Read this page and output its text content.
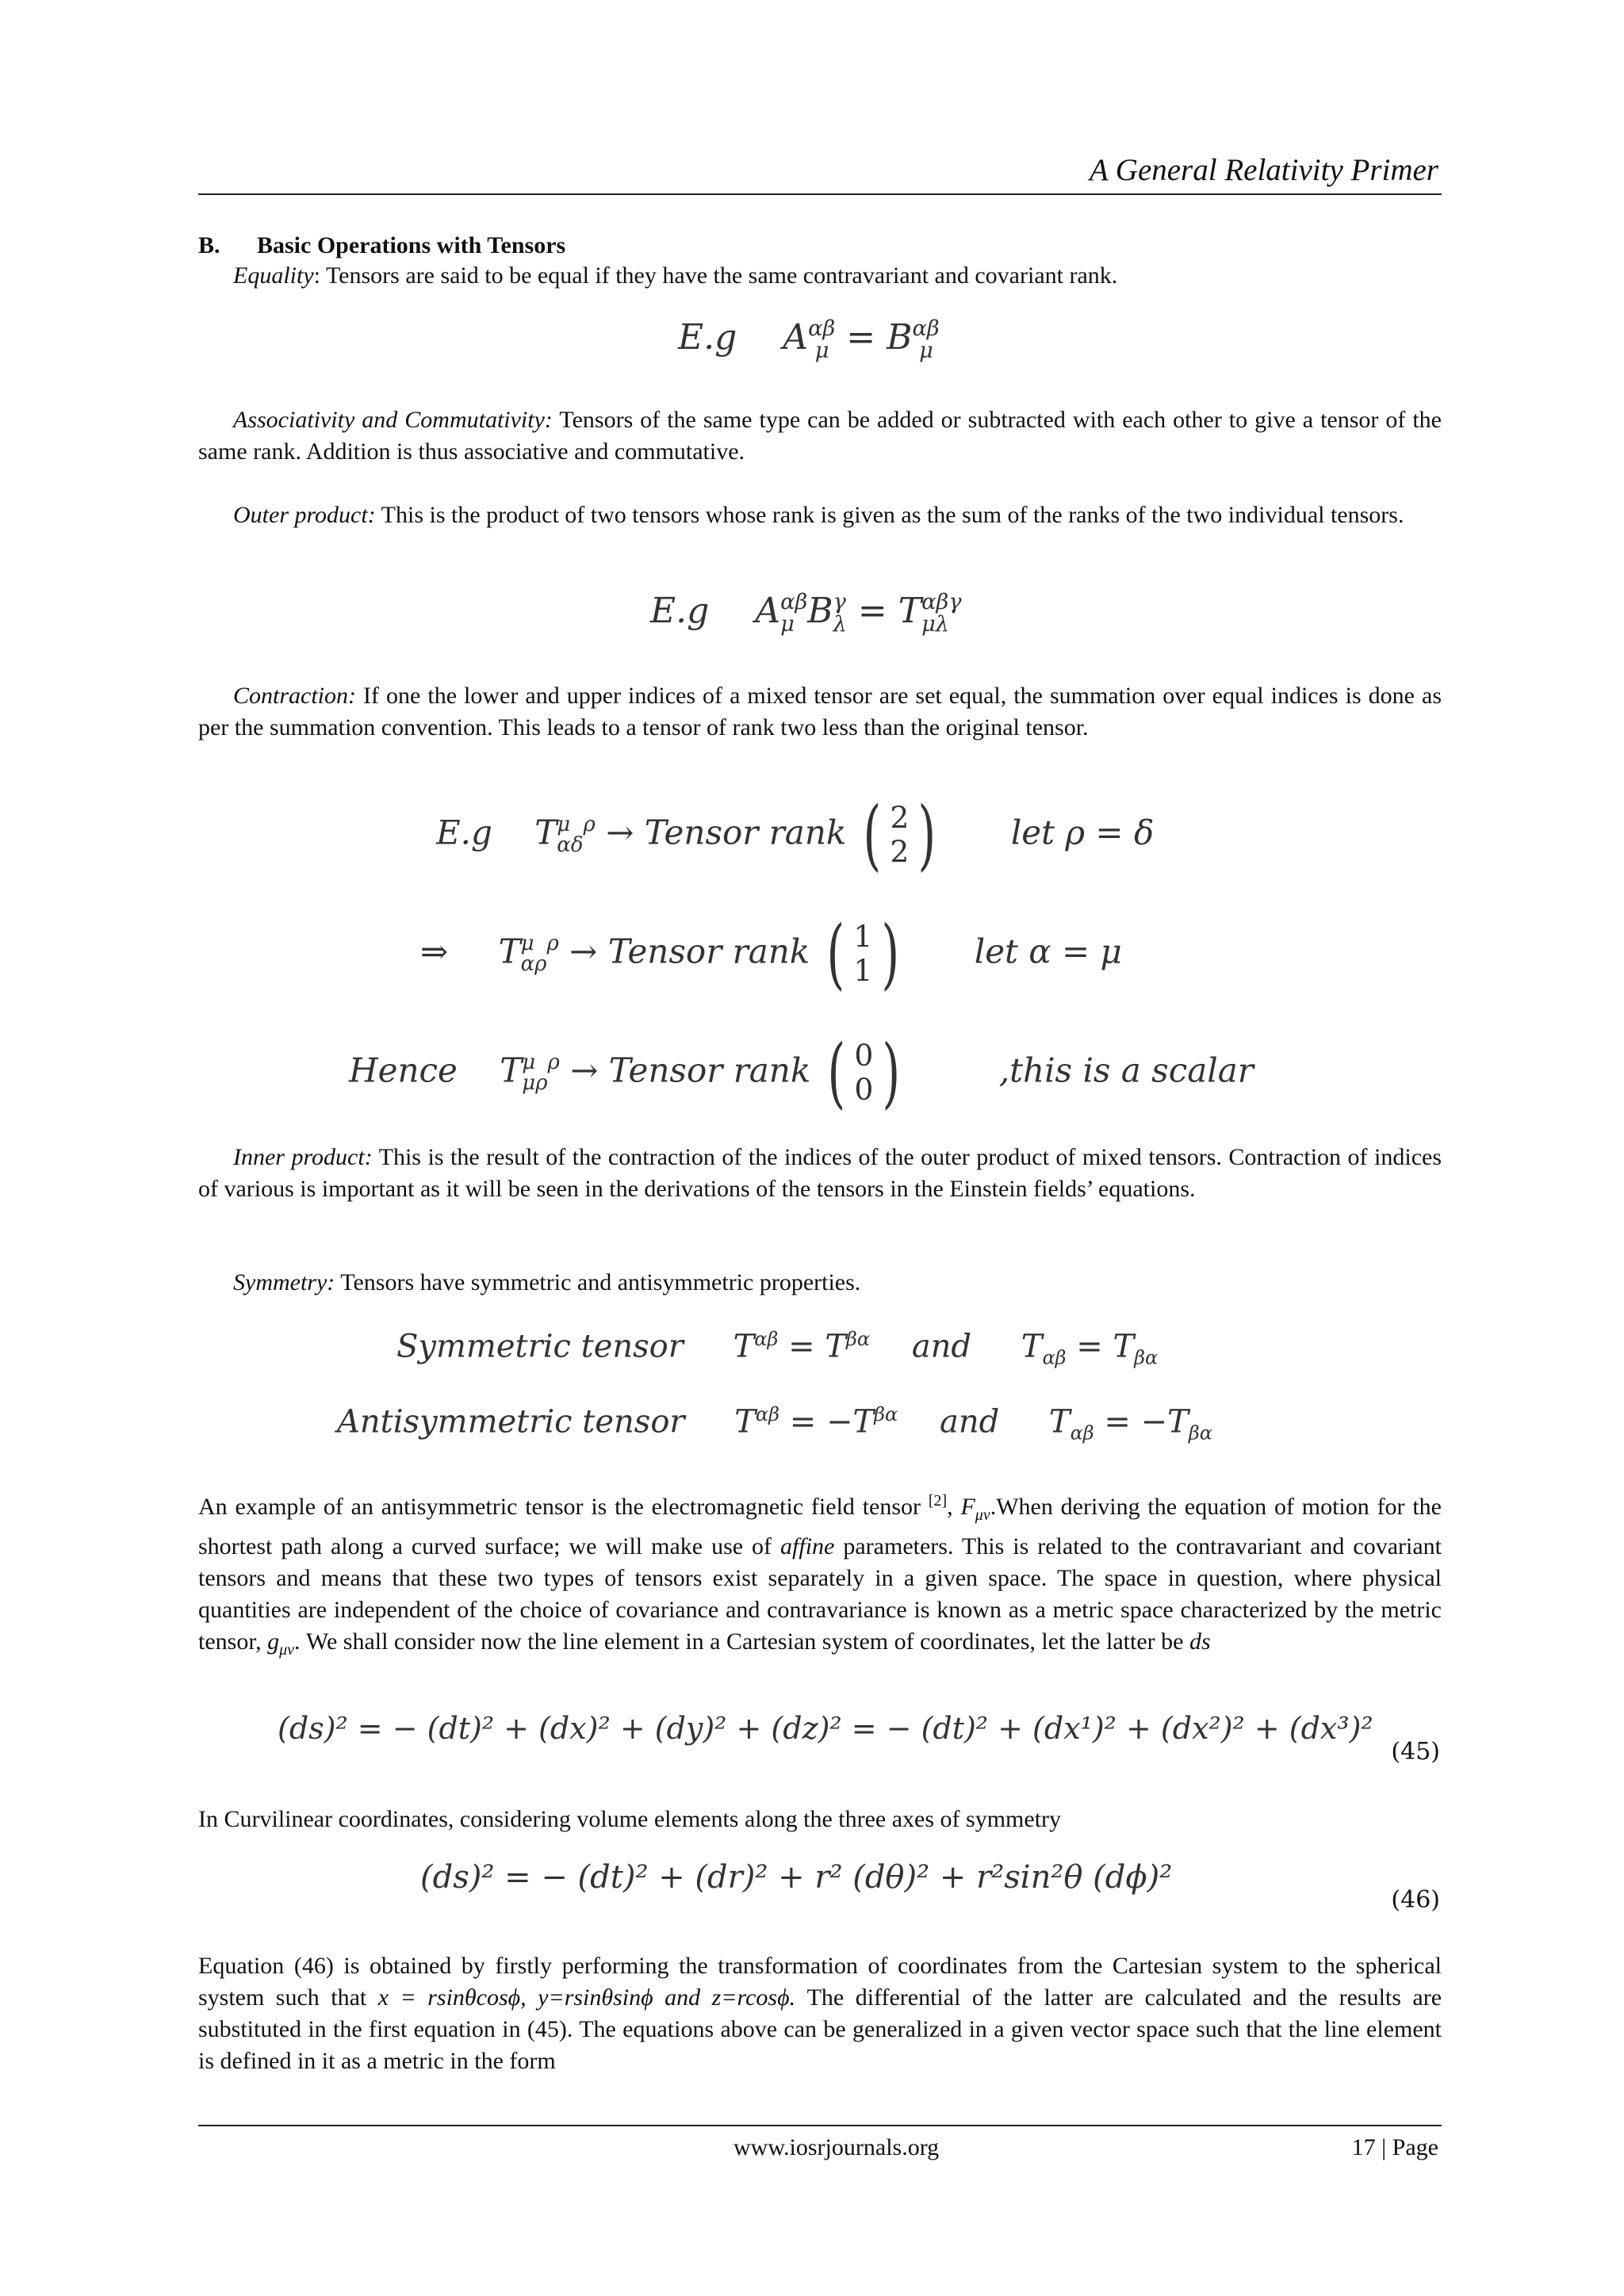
A General Relativity Primer
B. Basic Operations with Tensors
Equality: Tensors are said to be equal if they have the same contravariant and covariant rank.
E.g A αβ
μ = B αβ
μ
Associativity and Commutativity: Tensors of the same type can be added or subtracted with each other to give a tensor of the same rank. Addition is thus associative and commutative.
Outer product: This is the product of two tensors whose rank is given as the sum of the ranks of the two individual tensors.
E.g A αβ
μ B γ
λ = T αβγ
μλ
Contraction: If one the lower and upper indices of a mixed tensor are set equal, the summation over equal indices is done as per the summation convention. This leads to a tensor of rank two less than the original tensor.
E.g T μ
αδ
ρ
→ Tensor rank ( 2
2 ) let ρ = δ
⇒ T μ
αρ
ρ
→ Tensor rank ( 1
1 ) let α = μ
Hence T μ
μρ
ρ
→ Tensor rank ( 0
0 )	,this is a scalar
Inner product: This is the result of the contraction of the indices of the outer product of mixed tensors. Contraction of indices of various is important as it will be seen in the derivations of the tensors in the Einstein fields’ equations.
Symmetry: Tensors have symmetric and antisymmetric properties.
Symmetric tensor $T^{\alpha\beta} = T^{\beta\alpha}$ and $T_{\alpha\beta} = T_{\beta\alpha}$
Antisymmetric tensor $T^{\alpha\beta} = -T^{\beta\alpha}$ and $T_{\alpha\beta} = -T_{\beta\alpha}$
An example of an antisymmetric tensor is the electromagnetic field tensor [2], $F_{\mu\nu}.When$ deriving the equation of motion for the shortest path along a curved surface; we will make use of affine parameters. This is related to the contravariant and covariant tensors and means that these two types of tensors exist separately in a given space. The space in question, where physical quantities are independent of the choice of covariance and contravariance is known as a metric space characterized by the metric tensor, $g_{\mu\nu}$. We shall consider now the line element in a Cartesian system of coordinates, let the latter be ds
(ds)² = − (dt)² + (dx)² + (dy)² + (dz)² = − (dt)² + (dx¹)² + (dx²)² + (dx³)²
(45)
In Curvilinear coordinates, considering volume elements along the three axes of symmetry
(ds)² = − (dt)² + (dr)² + r² (dθ)² + r²sin²θ (dϕ)²
(46)
Equation (46) is obtained by firstly performing the transformation of coordinates from the Cartesian system to the spherical system such that x = rsinθcosϕ, y=rsinθsinϕ and z=rcosϕ. The differential of the latter are calculated and the results are substituted in the first equation in (45). The equations above can be generalized in a given vector space such that the line element is defined in it as a metric in the form
www.iosrjournals.org	17 | Page
